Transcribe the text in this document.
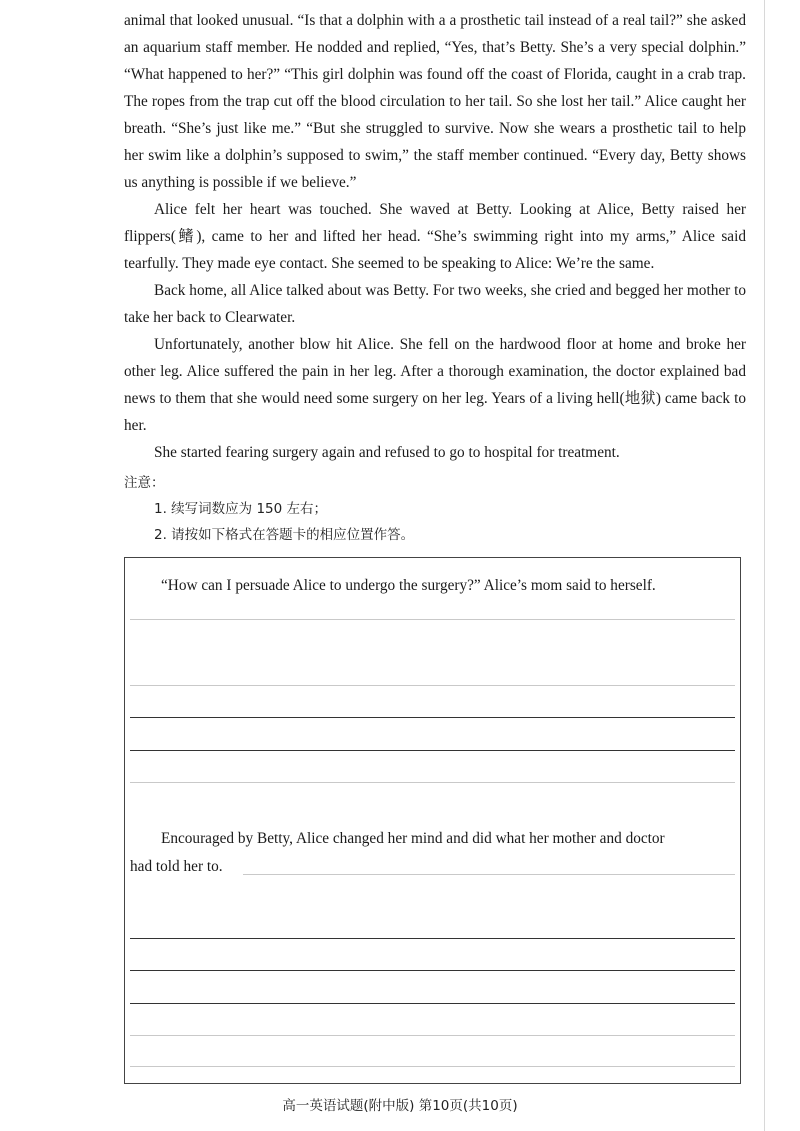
animal that looked unusual. “Is that a dolphin with a a prosthetic tail instead of a real tail?” she asked an aquarium staff member. He nodded and replied, “Yes, that’s Betty. She’s a very special dolphin.” “What happened to her?” “This girl dolphin was found off the coast of Florida, caught in a crab trap. The ropes from the trap cut off the blood circulation to her tail. So she lost her tail.” Alice caught her breath. “She’s just like me.” “But she struggled to survive. Now she wears a prosthetic tail to help her swim like a dolphin’s supposed to swim,” the staff member continued. “Every day, Betty shows us anything is possible if we believe.”

Alice felt her heart was touched. She waved at Betty. Looking at Alice, Betty raised her flippers(鳍), came to her and lifted her head. “She’s swimming right into my arms,” Alice said tearfully. They made eye contact. She seemed to be speaking to Alice: We’re the same.

Back home, all Alice talked about was Betty. For two weeks, she cried and begged her mother to take her back to Clearwater.

Unfortunately, another blow hit Alice. She fell on the hardwood floor at home and broke her other leg. Alice suffered the pain in her leg. After a thorough examination, the doctor explained bad news to them that she would need some surgery on her leg. Years of a living hell(地狱) came back to her.

She started fearing surgery again and refused to go to hospital for treatment.

注意：
1. 续写词数应为 150 左右；
2. 请按如下格式在答题卡的相应位置作答。
“How can I persuade Alice to undergo the surgery?” Alice’s mom said to herself.
Encouraged by Betty, Alice changed her mind and did what her mother and doctor
had told her to.
高一英语试题(附中版) 第10页(共10页)
